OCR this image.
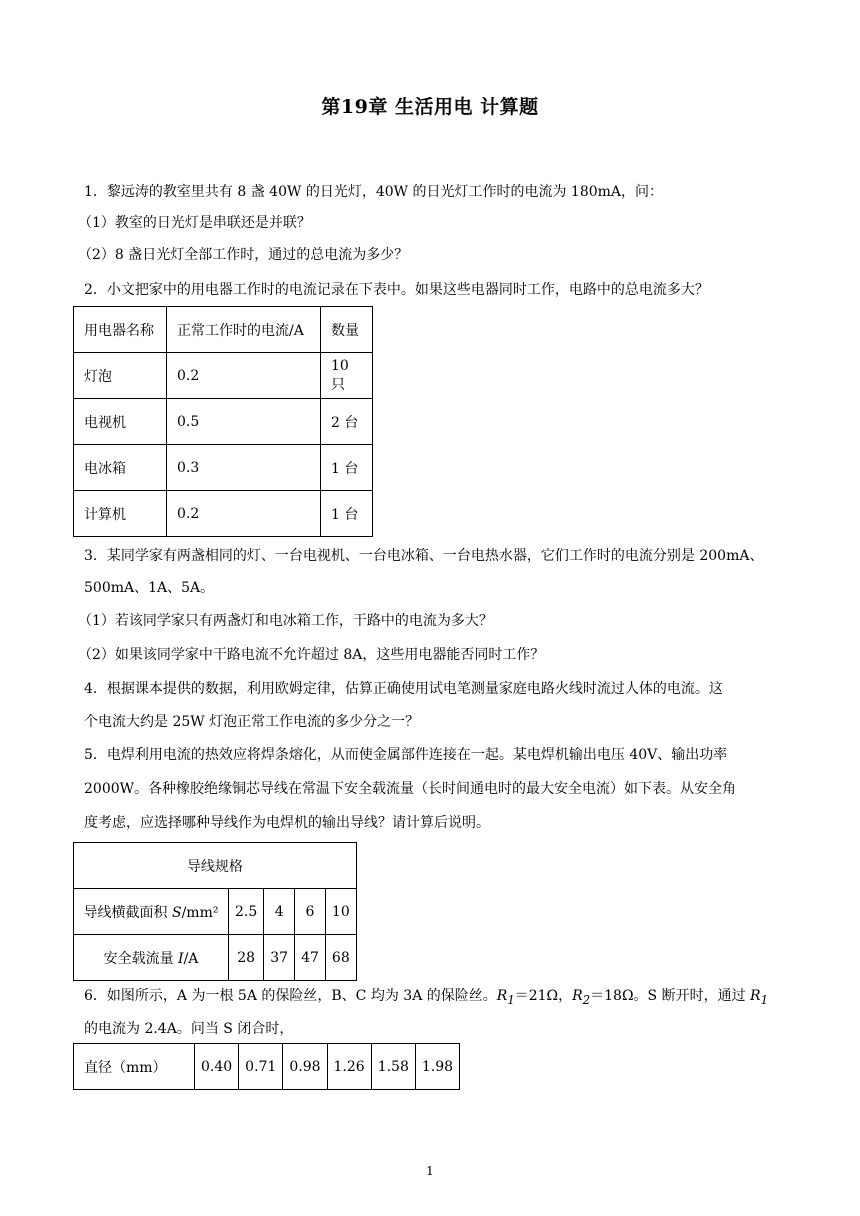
第19章 生活用电 计算题
1．黎远涛的教室里共有 8 盏 40W 的日光灯，40W 的日光灯工作时的电流为 180mA，问：
（1）教室的日光灯是串联还是并联？
（2）8 盏日光灯全部工作时，通过的总电流为多少？
2．小文把家中的用电器工作时的电流记录在下表中。如果这些电器同时工作，电路中的总电流多大？
用电器名称	正常工作时的电流/A	数量
灯泡	0.2	10 只
电视机	0.5	2 台
电冰箱	0.3	1 台
计算机	0.2	1 台
3．某同学家有两盏相同的灯、一台电视机、一台电冰箱、一台电热水器，它们工作时的电流分别是 200mA、
500mA、1A、5A。
（1）若该同学家只有两盏灯和电冰箱工作，干路中的电流为多大？
（2）如果该同学家中干路电流不允许超过 8A，这些用电器能否同时工作？
4．根据课本提供的数据，利用欧姆定律，估算正确使用试电笔测量家庭电路火线时流过人体的电流。这
个电流大约是 25W 灯泡正常工作电流的多少分之一？
5．电焊利用电流的热效应将焊条熔化，从而使金属部件连接在一起。某电焊机输出电压 40V、输出功率
2000W。各种橡胶绝缘铜芯导线在常温下安全载流量（长时间通电时的最大安全电流）如下表。从安全角
度考虑，应选择哪种导线作为电焊机的输出导线？请计算后说明。
导线规格				
导线横截面积 S/mm²	2.5	4	6	10
安全载流量 I/A	28	37	47	68
6．如图所示，A 为一根 5A 的保险丝，B、C 均为 3A 的保险丝。$R_1=21\Omega$，$R_2=18\Omega$。S 断开时，通过 $R_1$
的电流为 2.4A。问当 S 闭合时，
直径（mm）	0.40	0.71	0.98	1.26	1.58	1.98
1
